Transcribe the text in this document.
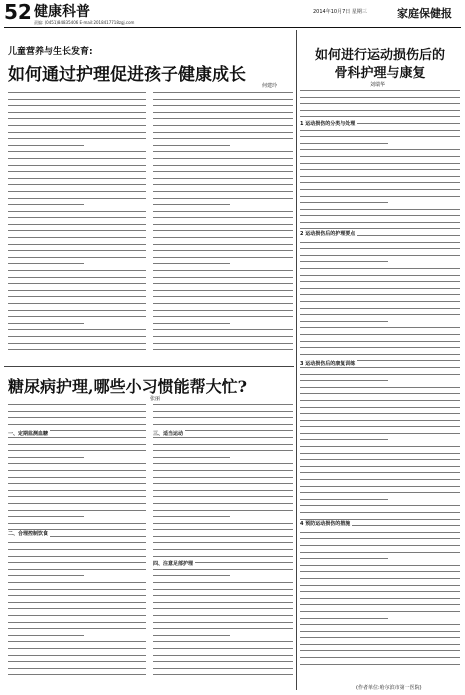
52 健康科普
责编: (0451)84835406 E-mail:2018417718zgj.com
2014年10月7日 星期三	家庭保健报
儿童营养与生长发育:
如何通过护理促进孩子健康成长
何建玲
糖尿病护理,哪些小习惯能帮大忙?
张丽
如何进行运动损伤后的
骨科护理与康复
刘瑞华
(作者单位:哈尔滨市第一医院)
一、定期监测血糖
二、合理控制饮食
三、适当运动
四、注意足部护理
1 运动损伤的分类与处理
2 运动损伤后的护理要点
3 运动损伤后的康复训练
4 预防运动损伤的措施
